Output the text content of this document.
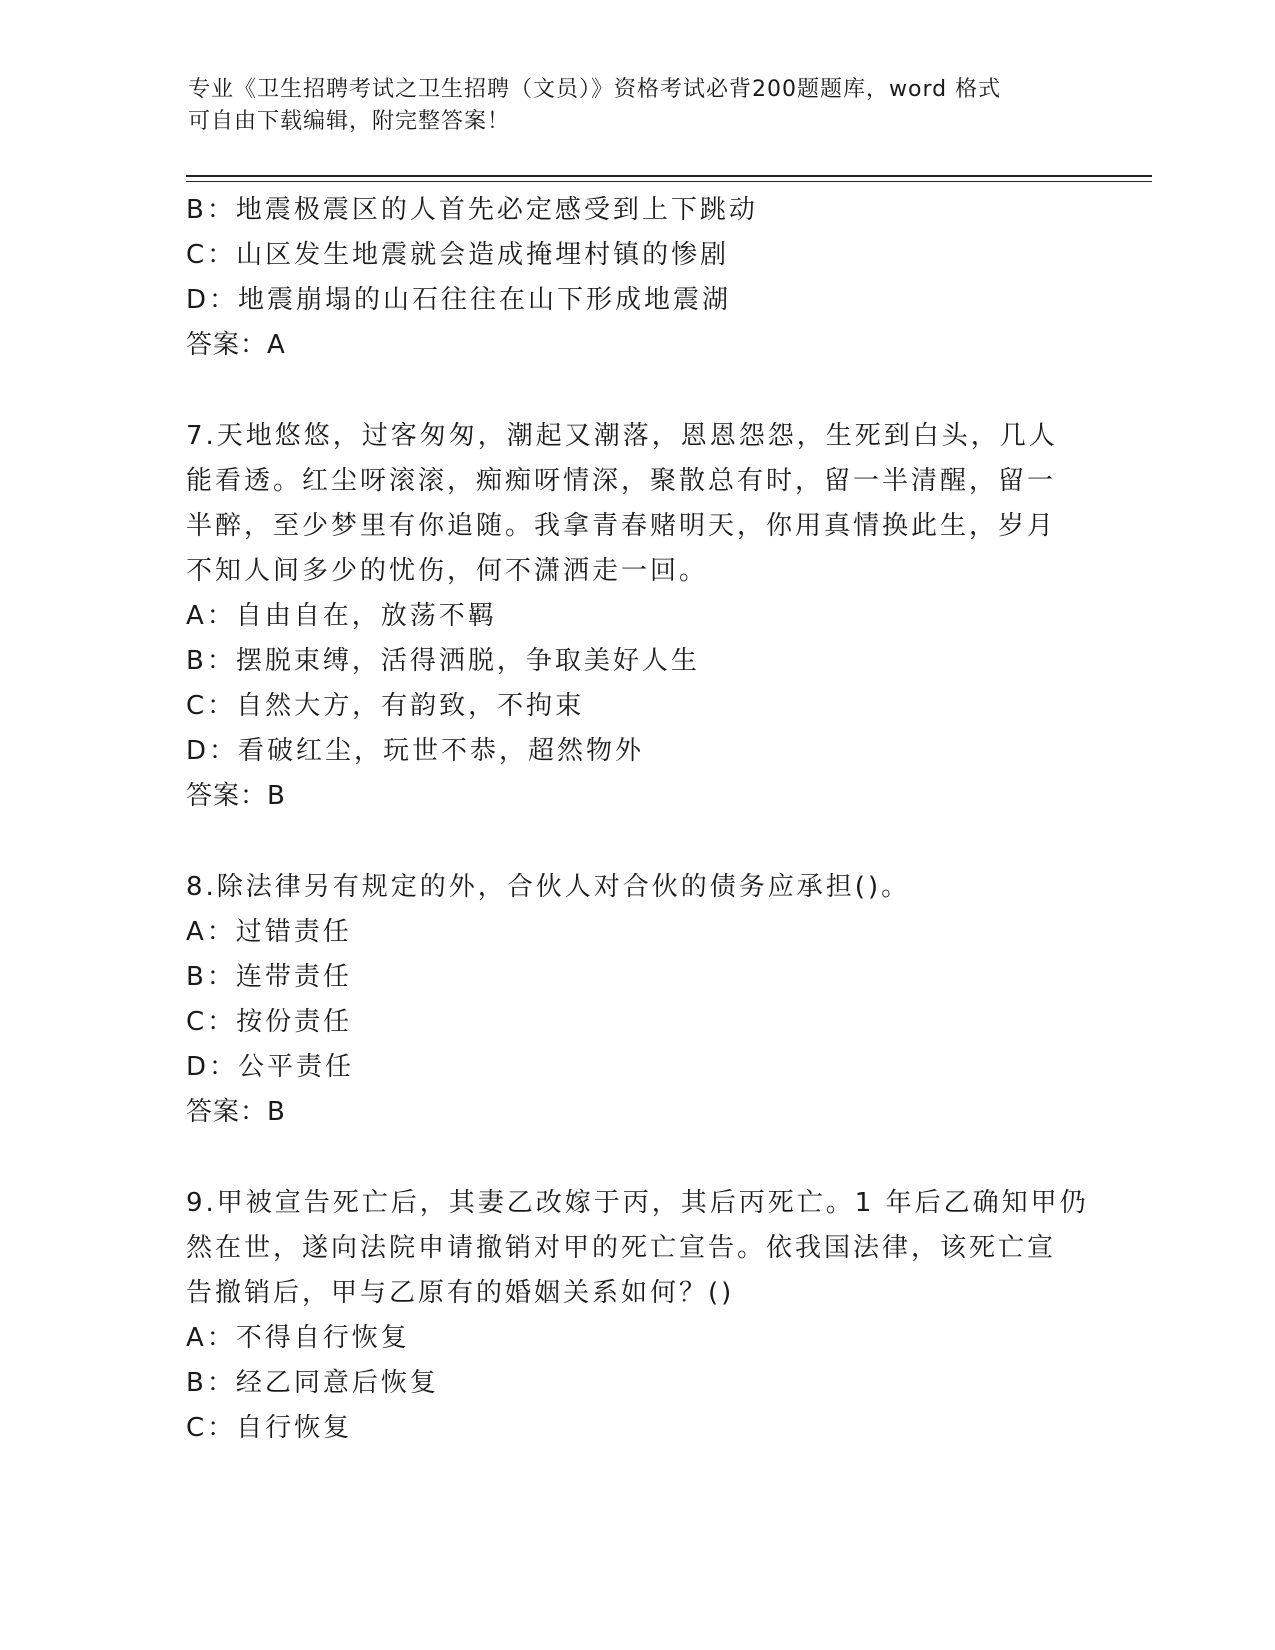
专业《卫生招聘考试之卫生招聘（文员）》资格考试必背200题题库，word 格式
可自由下载编辑，附完整答案！
B：地震极震区的人首先必定感受到上下跳动
C：山区发生地震就会造成掩埋村镇的惨剧
D：地震崩塌的山石往往在山下形成地震湖
答案：A
7.天地悠悠，过客匆匆，潮起又潮落，恩恩怨怨，生死到白头，几人
能看透。红尘呀滚滚，痴痴呀情深，聚散总有时，留一半清醒，留一
半醉，至少梦里有你追随。我拿青春赌明天，你用真情换此生，岁月
不知人间多少的忧伤，何不潇洒走一回。
A：自由自在，放荡不羁
B：摆脱束缚，活得洒脱，争取美好人生
C：自然大方，有韵致，不拘束
D：看破红尘，玩世不恭，超然物外
答案：B
8.除法律另有规定的外，合伙人对合伙的债务应承担()。
A：过错责任
B：连带责任
C：按份责任
D：公平责任
答案：B
9.甲被宣告死亡后，其妻乙改嫁于丙，其后丙死亡。1 年后乙确知甲仍
然在世，遂向法院申请撤销对甲的死亡宣告。依我国法律，该死亡宣
告撤销后，甲与乙原有的婚姻关系如何？()
A：不得自行恢复
B：经乙同意后恢复
C：自行恢复
